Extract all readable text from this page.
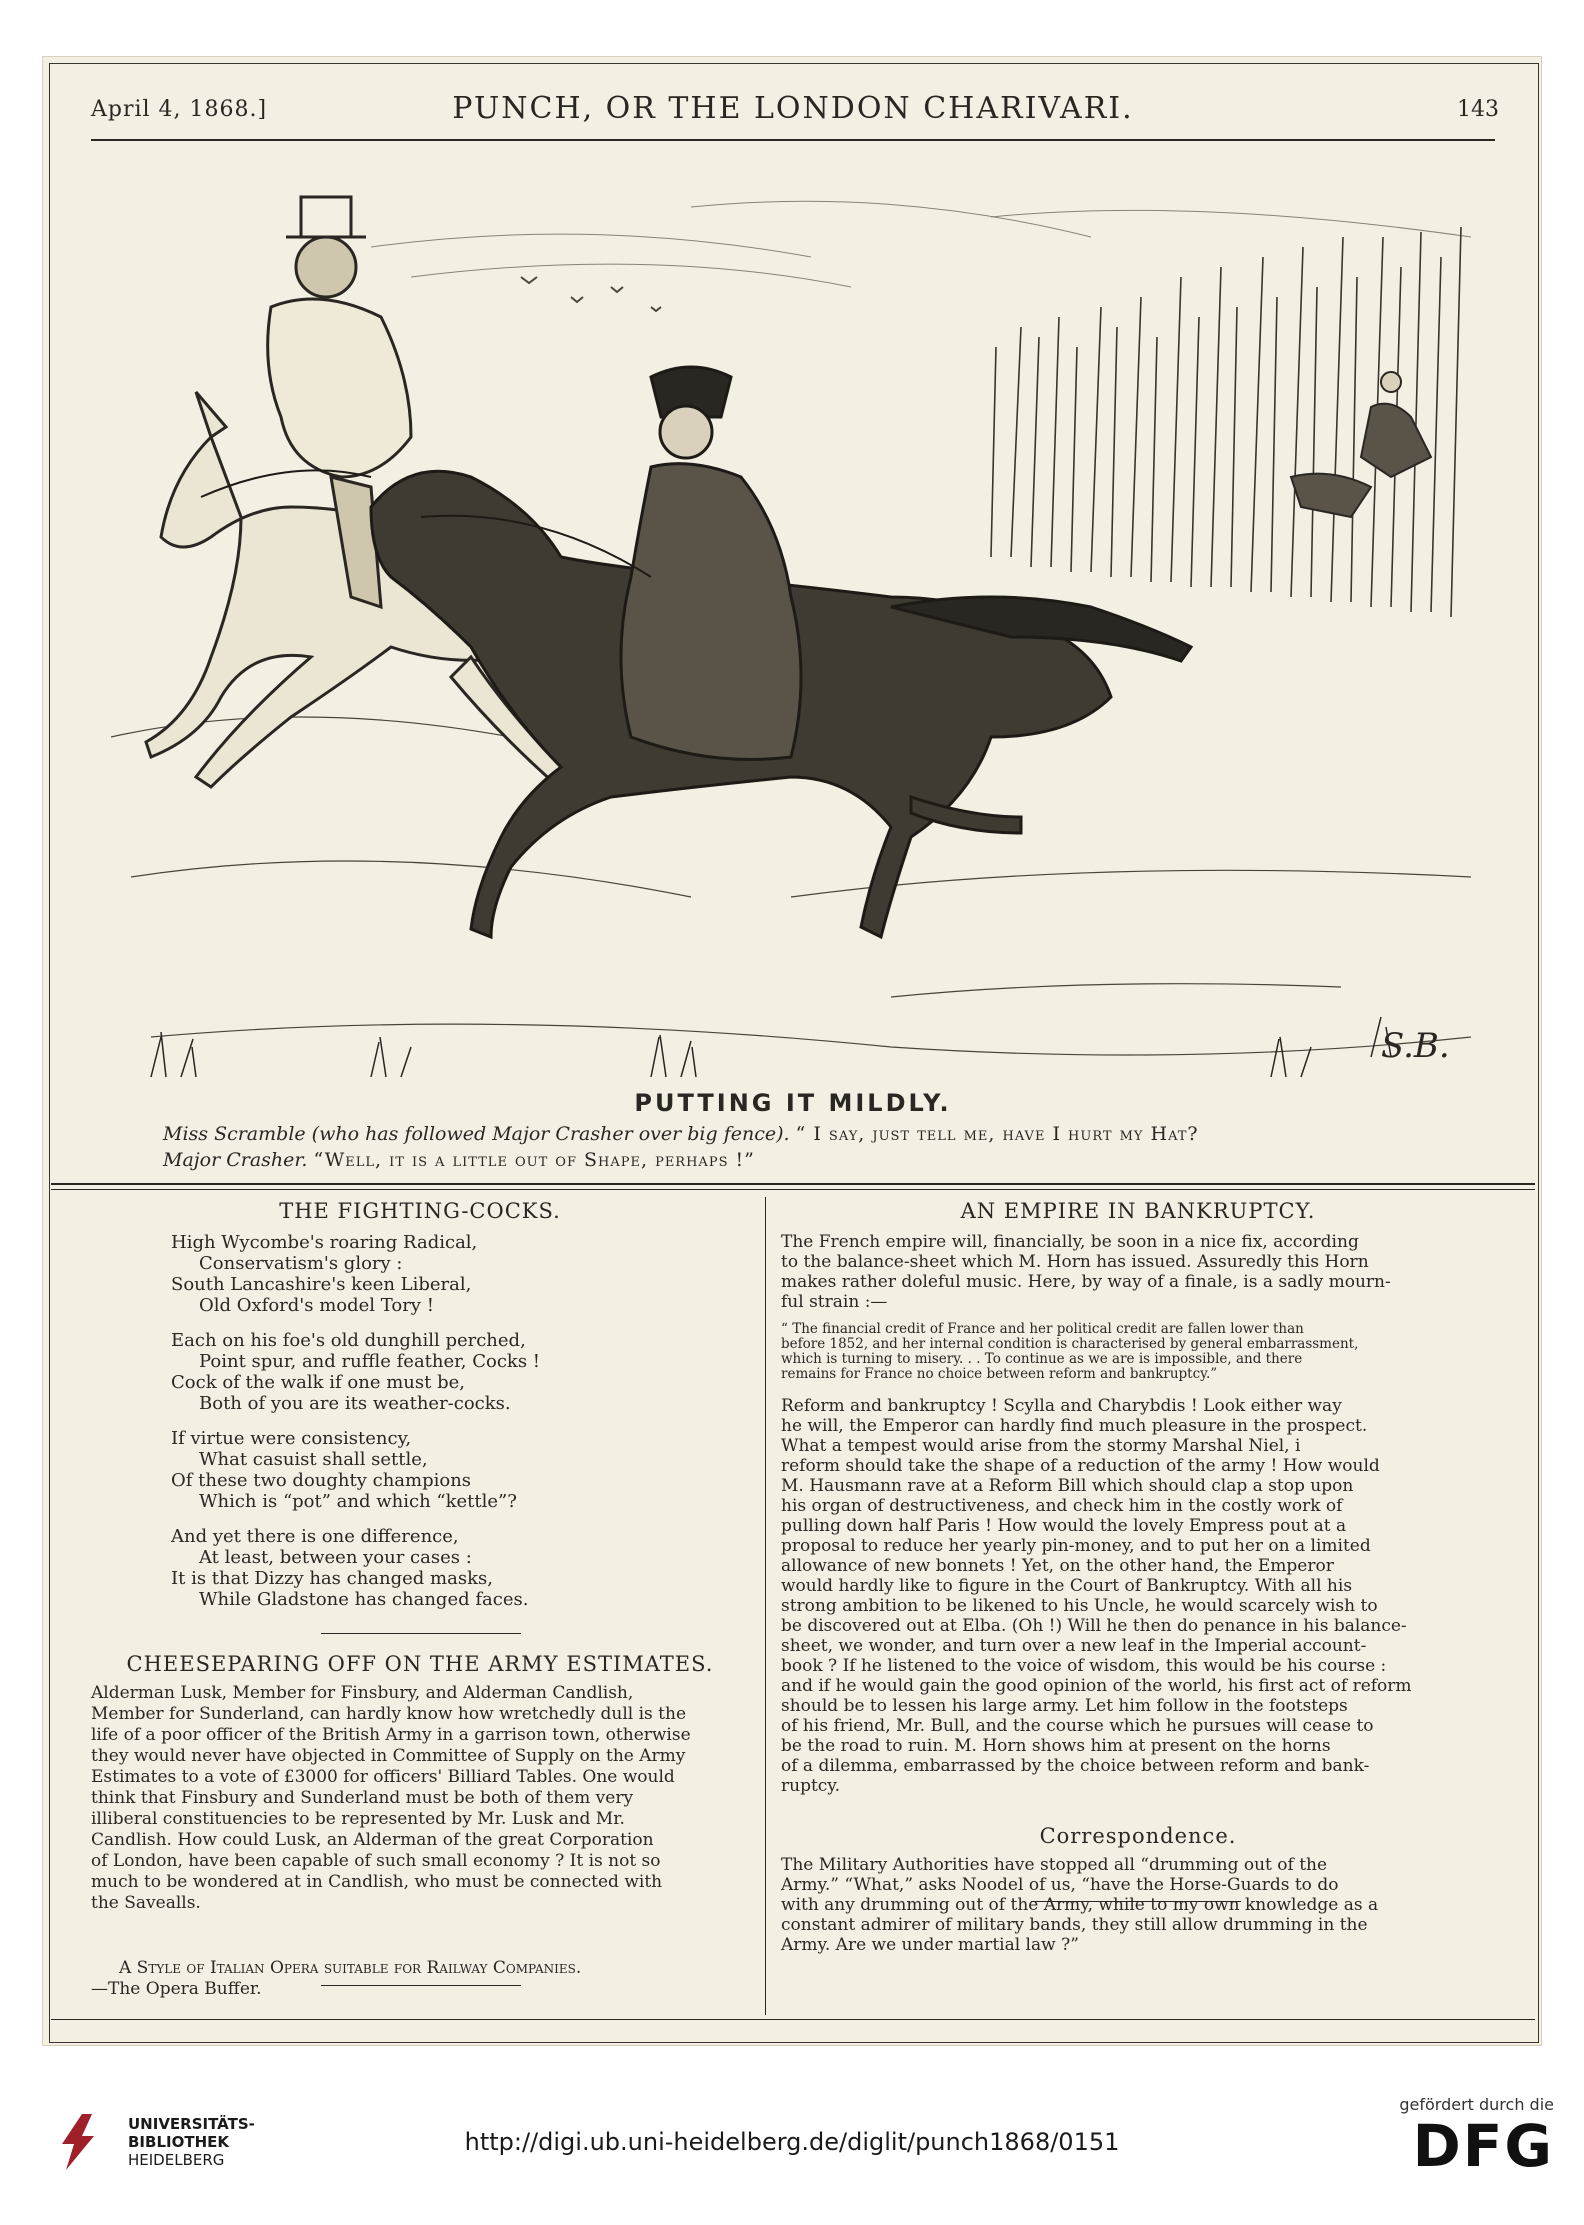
April 4, 1868.]	PUNCH, OR THE LONDON CHARIVARI.	143
S.B.
PUTTING IT MILDLY.
Miss Scramble (who has followed Major Crasher over big fence). “ I say, just tell me, have I hurt my Hat?
Major Crasher. “Well, it is a little out of Shape, perhaps !”
THE FIGHTING-COCKS.
High Wycombe's roaring Radical,
Conservatism's glory :
South Lancashire's keen Liberal,
Old Oxford's model Tory !
Each on his foe's old dunghill perched,
Point spur, and ruffle feather, Cocks !
Cock of the walk if one must be,
Both of you are its weather-cocks.
If virtue were consistency,
What casuist shall settle,
Of these two doughty champions
Which is “pot” and which “kettle”?
And yet there is one difference,
At least, between your cases :
It is that Dizzy has changed masks,
While Gladstone has changed faces.
CHEESEPARING OFF ON THE ARMY ESTIMATES.
Alderman Lusk, Member for Finsbury, and Alderman Candlish,
Member for Sunderland, can hardly know how wretchedly dull is the
life of a poor officer of the British Army in a garrison town, otherwise
they would never have objected in Committee of Supply on the Army
Estimates to a vote of £3000 for officers' Billiard Tables. One would
think that Finsbury and Sunderland must be both of them very
illiberal constituencies to be represented by Mr. Lusk and Mr.
Candlish. How could Lusk, an Alderman of the great Corporation
of London, have been capable of such small economy ? It is not so
much to be wondered at in Candlish, who must be connected with
the Savealls.
A Style of Italian Opera suitable for Railway Companies.
—The Opera Buffer.
AN EMPIRE IN BANKRUPTCY.
The French empire will, financially, be soon in a nice fix, according
to the balance-sheet which M. Horn has issued. Assuredly this Horn
makes rather doleful music. Here, by way of a finale, is a sadly mourn-
ful strain :—
“ The financial credit of France and her political credit are fallen lower than
before 1852, and her internal condition is characterised by general embarrassment,
which is turning to misery. . . To continue as we are is impossible, and there
remains for France no choice between reform and bankruptcy.”
Reform and bankruptcy ! Scylla and Charybdis ! Look either way
he will, the Emperor can hardly find much pleasure in the prospect.
What a tempest would arise from the stormy Marshal Niel, i
reform should take the shape of a reduction of the army ! How would
M. Hausmann rave at a Reform Bill which should clap a stop upon
his organ of destructiveness, and check him in the costly work of
pulling down half Paris ! How would the lovely Empress pout at a
proposal to reduce her yearly pin-money, and to put her on a limited
allowance of new bonnets ! Yet, on the other hand, the Emperor
would hardly like to figure in the Court of Bankruptcy. With all his
strong ambition to be likened to his Uncle, he would scarcely wish to
be discovered out at Elba. (Oh !) Will he then do penance in his balance-
sheet, we wonder, and turn over a new leaf in the Imperial account-
book ? If he listened to the voice of wisdom, this would be his course :
and if he would gain the good opinion of the world, his first act of reform
should be to lessen his large army. Let him follow in the footsteps
of his friend, Mr. Bull, and the course which he pursues will cease to
be the road to ruin. M. Horn shows him at present on the horns
of a dilemma, embarrassed by the choice between reform and bank-
ruptcy.
Correspondence.
The Military Authorities have stopped all “drumming out of the
Army.” “What,” asks Noodel of us, “have the Horse-Guards to do
with any drumming out of the Army, while to my own knowledge as a
constant admirer of military bands, they still allow drumming in the
Army. Are we under martial law ?”
UNIVERSITÄTS-
BIBLIOTHEK
HEIDELBERG
http://digi.ub.uni-heidelberg.de/diglit/punch1868/0151
gefördert durch die
DFG
